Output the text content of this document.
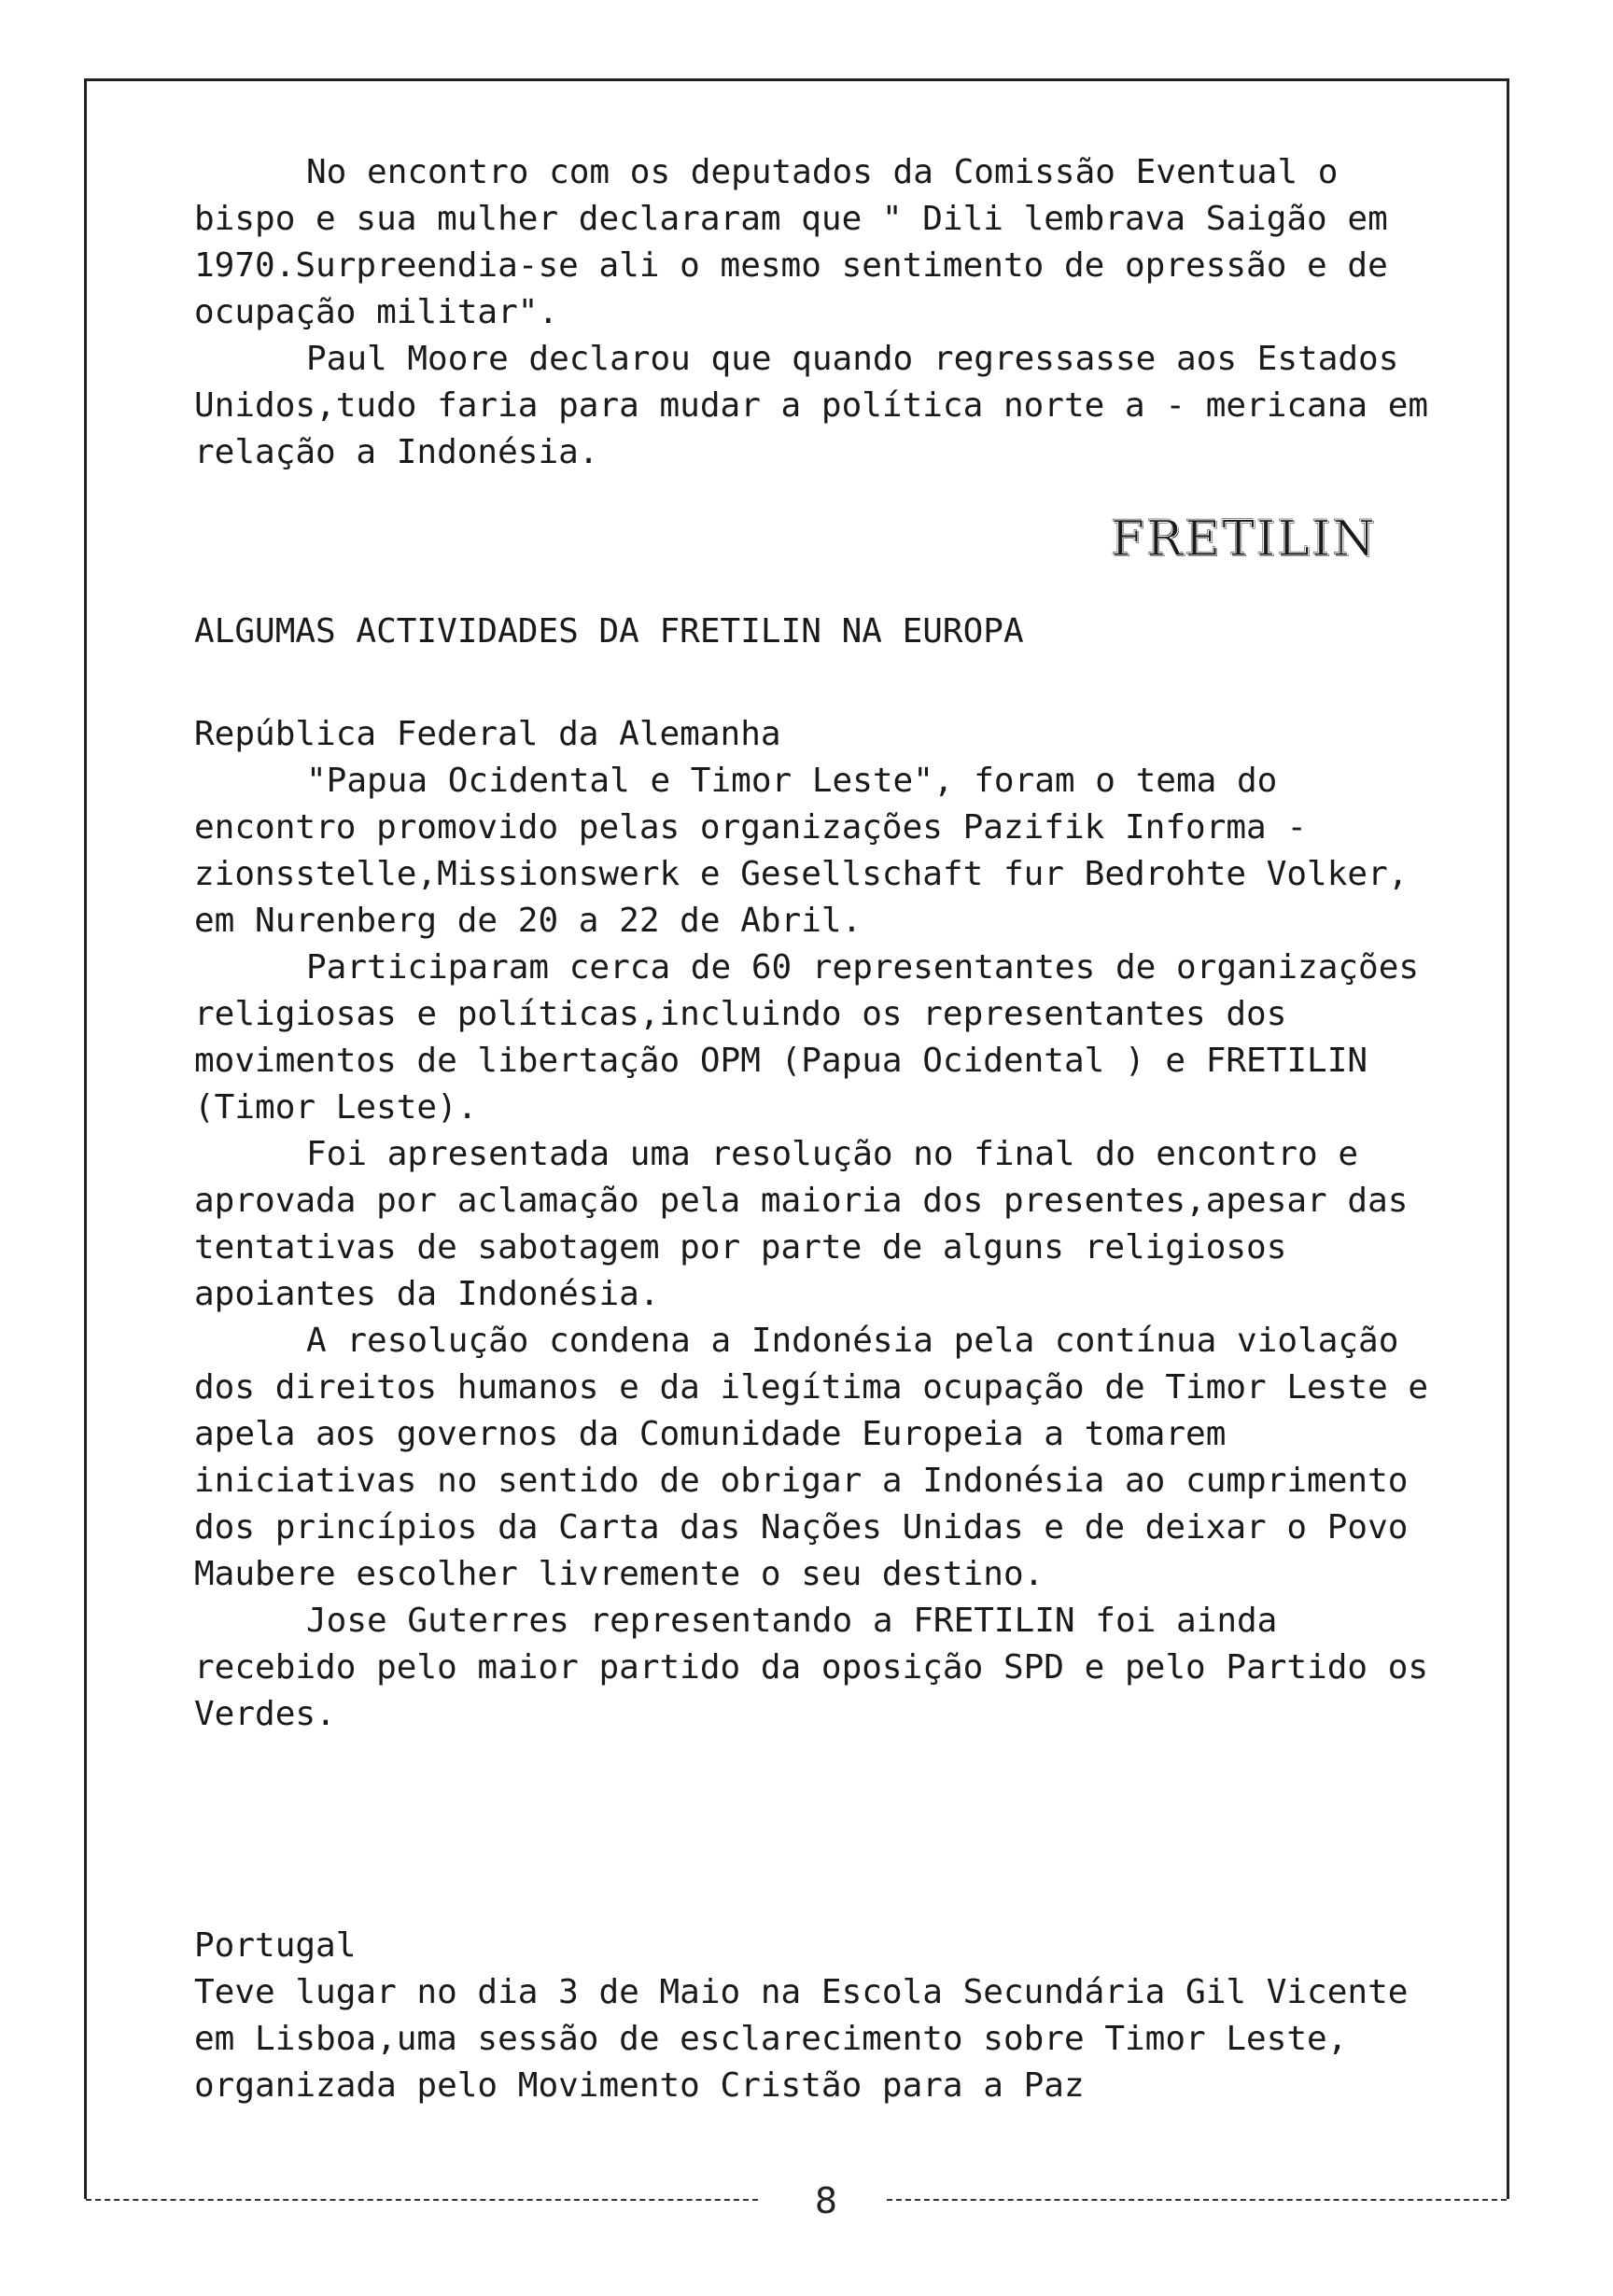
No encontro com os deputados da Comissão Eventual o bispo e sua mulher declararam que " Dili lembrava Saigão em 1970.Surpreendia-se ali o mesmo sentimento de opressão e de ocupação militar".

Paul Moore declarou que quando regressasse aos Estados Unidos,tudo faria para mudar a política norte a - mericana em relação a Indonésia.

FRETILIN
ALGUMAS ACTIVIDADES DA FRETILIN NA EUROPA

República Federal da Alemanha

"Papua Ocidental e Timor Leste", foram o tema do encontro promovido pelas organizações Pazifik Informa - zionsstelle,Missionswerk e Gesellschaft fur Bedrohte Volker, em Nurenberg de 20 a 22 de Abril.

Participaram cerca de 60 representantes de organizações religiosas e políticas,incluindo os representantes dos movimentos de libertação OPM (Papua Ocidental ) e FRETILIN (Timor Leste).

Foi apresentada uma resolução no final do encontro e aprovada por aclamação pela maioria dos presentes,apesar das tentativas de sabotagem por parte de alguns religiosos apoiantes da Indonésia.

A resolução condena a Indonésia pela contínua violação dos direitos humanos e da ilegítima ocupação de Timor Leste e apela aos governos da Comunidade Europeia a tomarem iniciativas no sentido de obrigar a Indonésia ao cumprimento dos princípios da Carta das Nações Unidas e de deixar o Povo Maubere escolher livremente o seu destino.

Jose Guterres representando a FRETILIN foi ainda recebido pelo maior partido da oposição SPD e pelo Partido os Verdes.

Portugal

Teve lugar no dia 3 de Maio na Escola Secundária Gil Vicente em Lisboa,uma sessão de esclarecimento sobre Timor Leste, organizada pelo Movimento Cristão para a Paz

8
